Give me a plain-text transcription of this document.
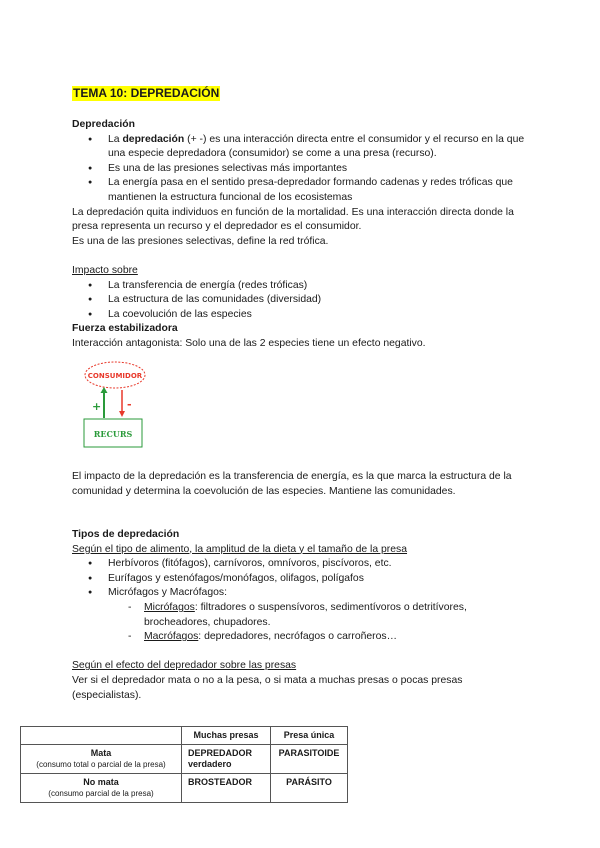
TEMA 10: DEPREDACIÓN
Depredación
● La depredación (+ -) es una interacción directa entre el consumidor y el recurso en la que una especie depredadora (consumidor) se come a una presa (recurso).
● Es una de las presiones selectivas más importantes
● La energía pasa en el sentido presa-depredador formando cadenas y redes tróficas que mantienen la estructura funcional de los ecosistemas

La depredación quita individuos en función de la mortalidad. Es una interacción directa donde la presa representa un recurso y el depredador es el consumidor.

Es una de las presiones selectivas, define la red trófica.

Impacto sobre
● La transferencia de energía (redes tróficas)
● La estructura de las comunidades (diversidad)
● La coevolución de las especies
Fuerza estabilizadora

Interacción antagonista: Solo una de las 2 especies tiene un efecto negativo.

CONSUMIDOR
+ -
RECURS

El impacto de la depredación es la transferencia de energía, es la que marca la estructura de la comunidad y determina la coevolución de las especies. Mantiene las comunidades.

Tipos de depredación
Según el tipo de alimento, la amplitud de la dieta y el tamaño de la presa
● Herbívoros (fitófagos), carnívoros, omnívoros, piscívoros, etc.
● Eurífagos y estenófagos/monófagos, olifagos, polígafos
● Micrófagos y Macrófagos:
- Micrófagos: filtradores o suspensívoros, sedimentívoros o detritívores, brocheadores, chupadores.
- Macrófagos: depredadores, necrófagos o carroñeros…
Según el efecto del depredador sobre las presas

Ver si el depredador mata o no a la pesa, o si mata a muchas presas o pocas presas (especialistas).

	Muchas presas	Presa única

Mata
(consumo total o parcial de la presa)	DEPREDADOR verdadero	PARASITOIDE

No mata
(consumo parcial de la presa)	BROSTEADOR	PARÁSITO
